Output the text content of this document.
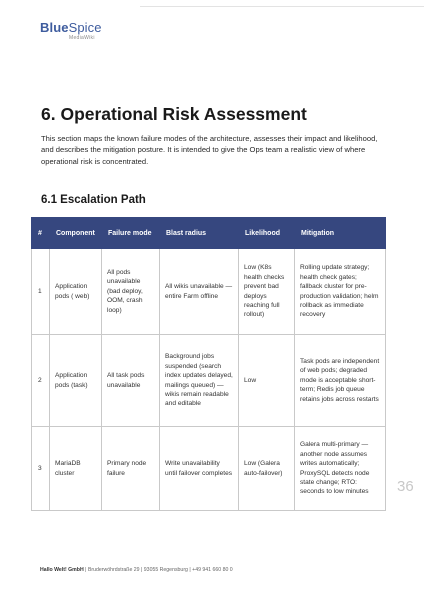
BlueSpice
MediaWiki
6. Operational Risk Assessment

This section maps the known failure modes of the architecture, assesses their impact and likelihood, and describes the mitigation posture. It is intended to give the Ops team a realistic view of where operational risk is concentrated.

6.1 Escalation Path
#	Component	Failure mode	Blast radius	Likelihood	Mitigation
1	Application pods ( web)	All pods unavailable (bad deploy, OOM, crash loop)	All wikis unavailable — entire Farm offline	Low (K8s health checks prevent bad deploys reaching full rollout)	Rolling update strategy; health check gates; fallback cluster for pre-production validation; helm rollback as immediate recovery
2	Application pods (task)	All task pods unavailable	Background jobs suspended (search index updates delayed, mailings queued) — wikis remain readable and editable	Low	Task pods are independent of web pods; degraded mode is acceptable short-term; Redis job queue retains jobs across restarts
3	MariaDB cluster	Primary node failure	Write unavailability until failover completes	Low (Galera auto-failover)	Galera multi-primary — another node assumes writes automatically; ProxySQL detects node state change; RTO: seconds to low minutes 36
Hallo Welt! GmbH | Bruderwöhrdstraße 29 | 93055 Regensburg | +49 941 660 80 0
